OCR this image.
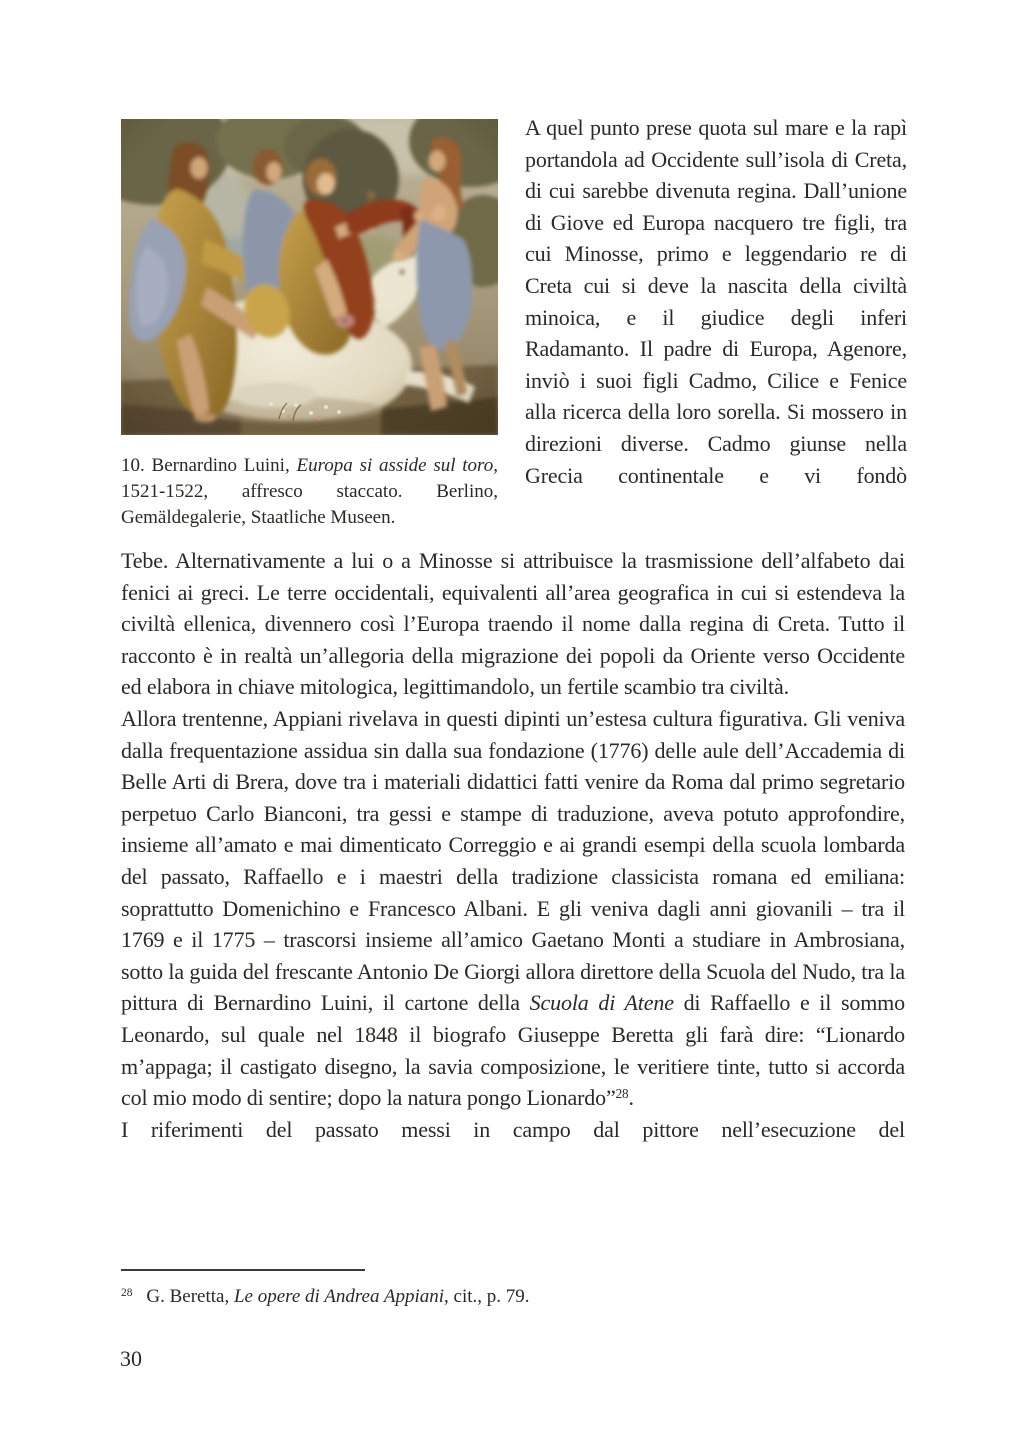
10. Bernardino Luini, Europa si asside sul toro, 1521-1522, affresco staccato. Berlino, Gemäldegalerie, Staatliche Museen.
A quel punto prese quota sul mare e la rapì portandola ad Occidente sull’isola di Creta, di cui sarebbe divenuta regina. Dall’unione di Giove ed Europa nacquero tre figli, tra cui Minosse, primo e leggendario re di Creta cui si deve la nascita della civiltà minoica, e il giudice degli inferi Radamanto. Il padre di Europa, Agenore, inviò i suoi figli Cadmo, Cilice e Fenice alla ricerca della loro sorella. Si mossero in direzioni diverse. Cadmo giunse nella Grecia continentale e vi fondò

Tebe. Alternativamente a lui o a Minosse si attribuisce la trasmissione dell’alfabeto dai fenici ai greci. Le terre occidentali, equivalenti all’area geografica in cui si estendeva la civiltà ellenica, divennero così l’Europa traendo il nome dalla regina di Creta. Tutto il racconto è in realtà un’allegoria della migrazione dei popoli da Oriente verso Occidente ed elabora in chiave mitologica, legittimandolo, un fertile scambio tra civiltà.

Allora trentenne, Appiani rivelava in questi dipinti un’estesa cultura figurativa. Gli veniva dalla frequentazione assidua sin dalla sua fondazione (1776) delle aule dell’Accademia di Belle Arti di Brera, dove tra i materiali didattici fatti venire da Roma dal primo segretario perpetuo Carlo Bianconi, tra gessi e stampe di traduzione, aveva potuto approfondire, insieme all’amato e mai dimenticato Correggio e ai grandi esempi della scuola lombarda del passato, Raffaello e i maestri della tradizione classicista romana ed emiliana: soprattutto Domenichino e Francesco Albani. E gli veniva dagli anni giovanili – tra il 1769 e il 1775 – trascorsi insieme all’amico Gaetano Monti a studiare in Ambrosiana, sotto la guida del frescante Antonio De Giorgi allora direttore della Scuola del Nudo, tra la pittura di Bernardino Luini, il cartone della Scuola di Atene di Raffaello e il sommo Leonardo, sul quale nel 1848 il biografo Giuseppe Beretta gli farà dire: “Lionardo m’appaga; il castigato disegno, la savia composizione, le veritiere tinte, tutto si accorda col mio modo di sentire; dopo la natura pongo Lionardo”$^{28}$.

I riferimenti del passato messi in campo dal pittore nell’esecuzione del

$^{28}$ G. Beretta, Le opere di Andrea Appiani, cit., p. 79.
30
